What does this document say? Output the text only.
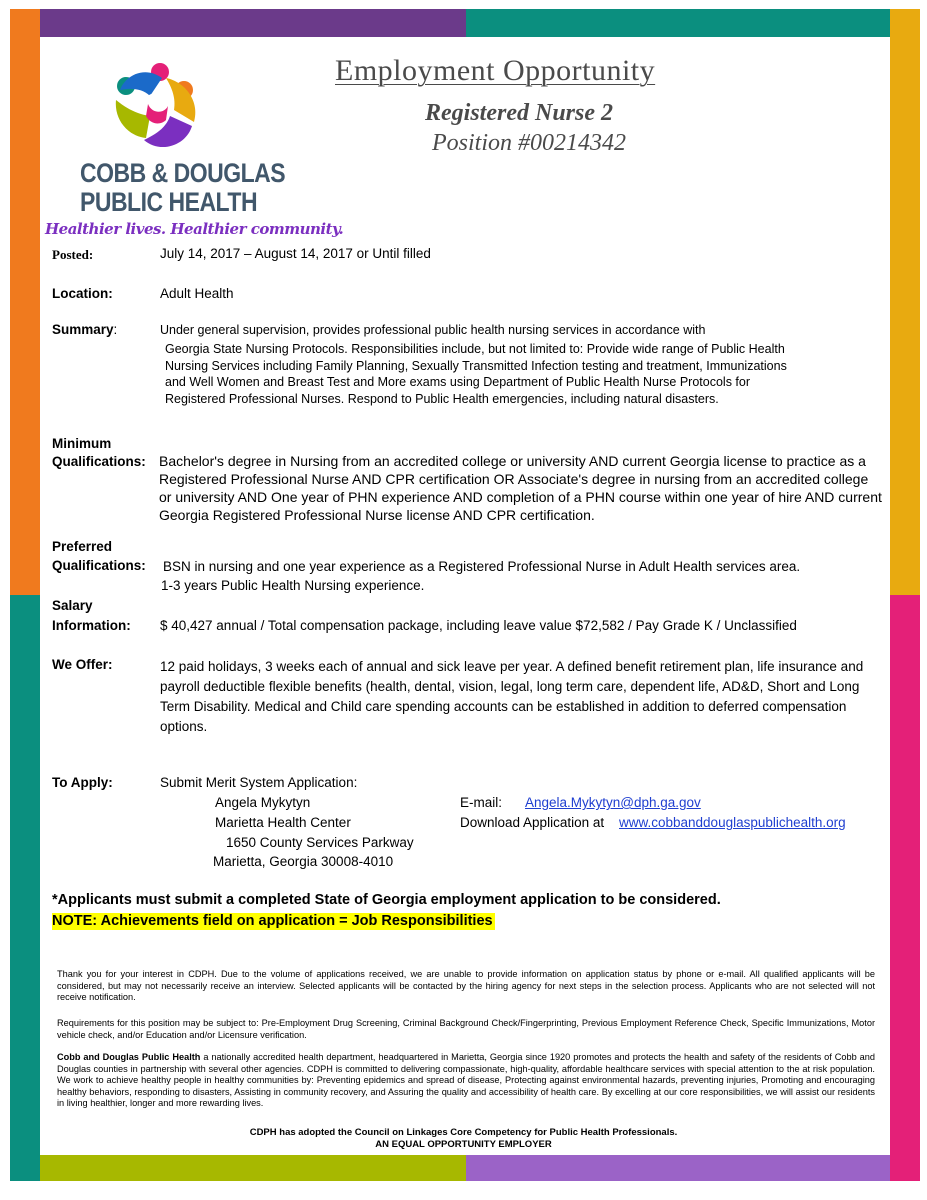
COBB & DOUGLAS
PUBLIC HEALTH
Healthier lives. Healthier community.
Employment Opportunity
Registered Nurse 2
Position #00214342
Posted:	July 14, 2017 – August 14, 2017 or Until filled
Location:	Adult Health
Summary:	Under general supervision, provides professional public health nursing services in accordance with
Georgia State Nursing Protocols. Responsibilities include, but not limited to: Provide wide range of Public Health Nursing Services including Family Planning, Sexually Transmitted Infection testing and treatment, Immunizations and Well Women and Breast Test and More exams using Department of Public Health Nurse Protocols for Registered Professional Nurses. Respond to Public Health emergencies, including natural disasters.
Minimum
Qualifications: Bachelor's degree in Nursing from an accredited college or university AND current Georgia license to practice as a Registered Professional Nurse AND CPR certification OR Associate's degree in nursing from an accredited college or university AND One year of PHN experience AND completion of a PHN course within one year of hire AND current Georgia Registered Professional Nurse license AND CPR certification.
Preferred
Qualifications: BSN in nursing and one year experience as a Registered Professional Nurse in Adult Health services area.
1-3 years Public Health Nursing experience.
Salary
Information: $ 40,427 annual / Total compensation package, including leave value $72,582 / Pay Grade K / Unclassified
We Offer:	12 paid holidays, 3 weeks each of annual and sick leave per year. A defined benefit retirement plan, life insurance and payroll deductible flexible benefits (health, dental, vision, legal, long term care, dependent life, AD&D, Short and Long Term Disability. Medical and Child care spending accounts can be established in addition to deferred compensation options.
To Apply:	Submit Merit System Application:
Angela Mykytyn
Marietta Health Center
1650 County Services Parkway
Marietta, Georgia 30008-4010
E-mail: Angela.Mykytyn@dph.ga.gov
Download Application at www.cobbanddouglaspublichealth.org
*Applicants must submit a completed State of Georgia employment application to be considered.
NOTE: Achievements field on application = Job Responsibilities
Thank you for your interest in CDPH. Due to the volume of applications received, we are unable to provide information on application status by phone or e-mail. All qualified applicants will be considered, but may not necessarily receive an interview. Selected applicants will be contacted by the hiring agency for next steps in the selection process. Applicants who are not selected will not receive notification.
Requirements for this position may be subject to: Pre-Employment Drug Screening, Criminal Background Check/Fingerprinting, Previous Employment Reference Check, Specific Immunizations, Motor vehicle check, and/or Education and/or Licensure verification.
Cobb and Douglas Public Health a nationally accredited health department, headquartered in Marietta, Georgia since 1920 promotes and protects the health and safety of the residents of Cobb and Douglas counties in partnership with several other agencies. CDPH is committed to delivering compassionate, high-quality, affordable healthcare services with special attention to the at risk population. We work to achieve healthy people in healthy communities by: Preventing epidemics and spread of disease, Protecting against environmental hazards, preventing injuries, Promoting and encouraging healthy behaviors, responding to disasters, Assisting in community recovery, and Assuring the quality and accessibility of health care. By excelling at our core responsibilities, we will assist our residents in living healthier, longer and more rewarding lives.
CDPH has adopted the Council on Linkages Core Competency for Public Health Professionals.
AN EQUAL OPPORTUNITY EMPLOYER
